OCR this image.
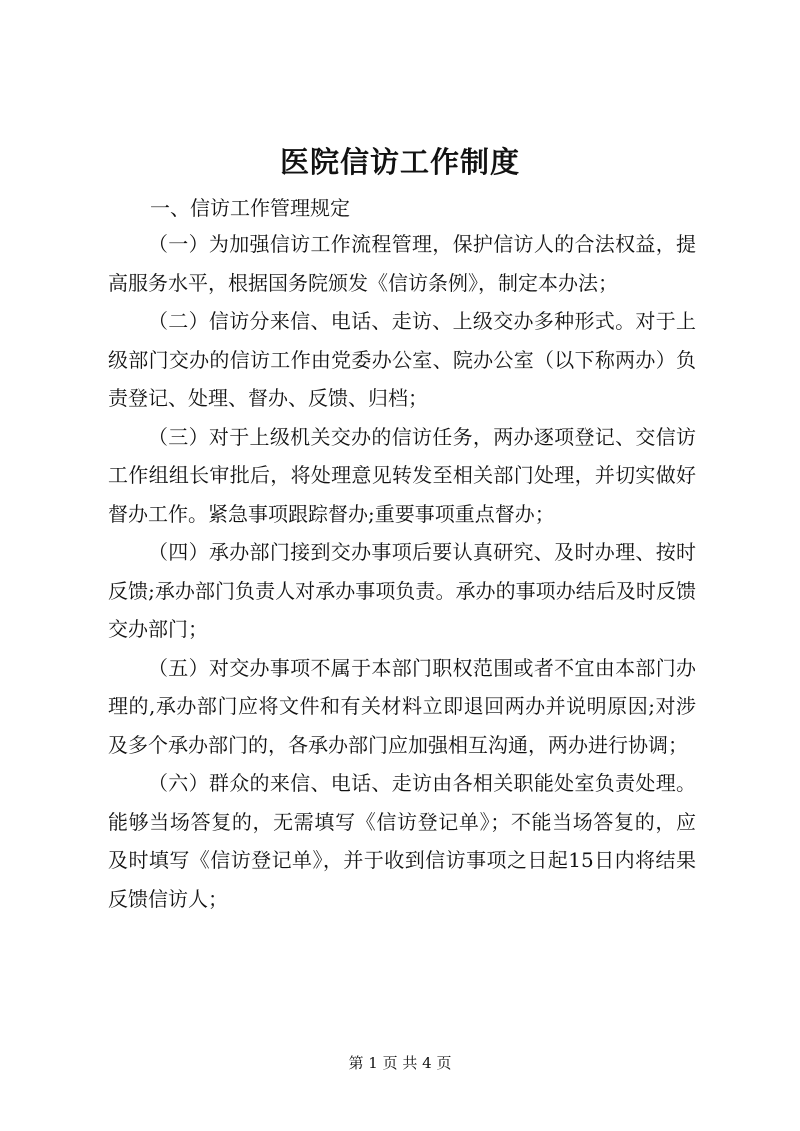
医院信访工作制度

一、信访工作管理规定

（一）为加强信访工作流程管理，保护信访人的合法权益，提高服务水平，根据国务院颁发《信访条例》，制定本办法；

（二）信访分来信、电话、走访、上级交办多种形式。对于上级部门交办的信访工作由党委办公室、院办公室（以下称两办）负责登记、处理、督办、反馈、归档；

（三）对于上级机关交办的信访任务，两办逐项登记、交信访工作组组长审批后，将处理意见转发至相关部门处理，并切实做好督办工作。紧急事项跟踪督办;重要事项重点督办；

（四）承办部门接到交办事项后要认真研究、及时办理、按时反馈;承办部门负责人对承办事项负责。承办的事项办结后及时反馈交办部门；

（五）对交办事项不属于本部门职权范围或者不宜由本部门办理的,承办部门应将文件和有关材料立即退回两办并说明原因;对涉及多个承办部门的，各承办部门应加强相互沟通，两办进行协调；

（六）群众的来信、电话、走访由各相关职能处室负责处理。能够当场答复的，无需填写《信访登记单》；不能当场答复的，应及时填写《信访登记单》，并于收到信访事项之日起15日内将结果反馈信访人；

第 1 页 共 4 页
